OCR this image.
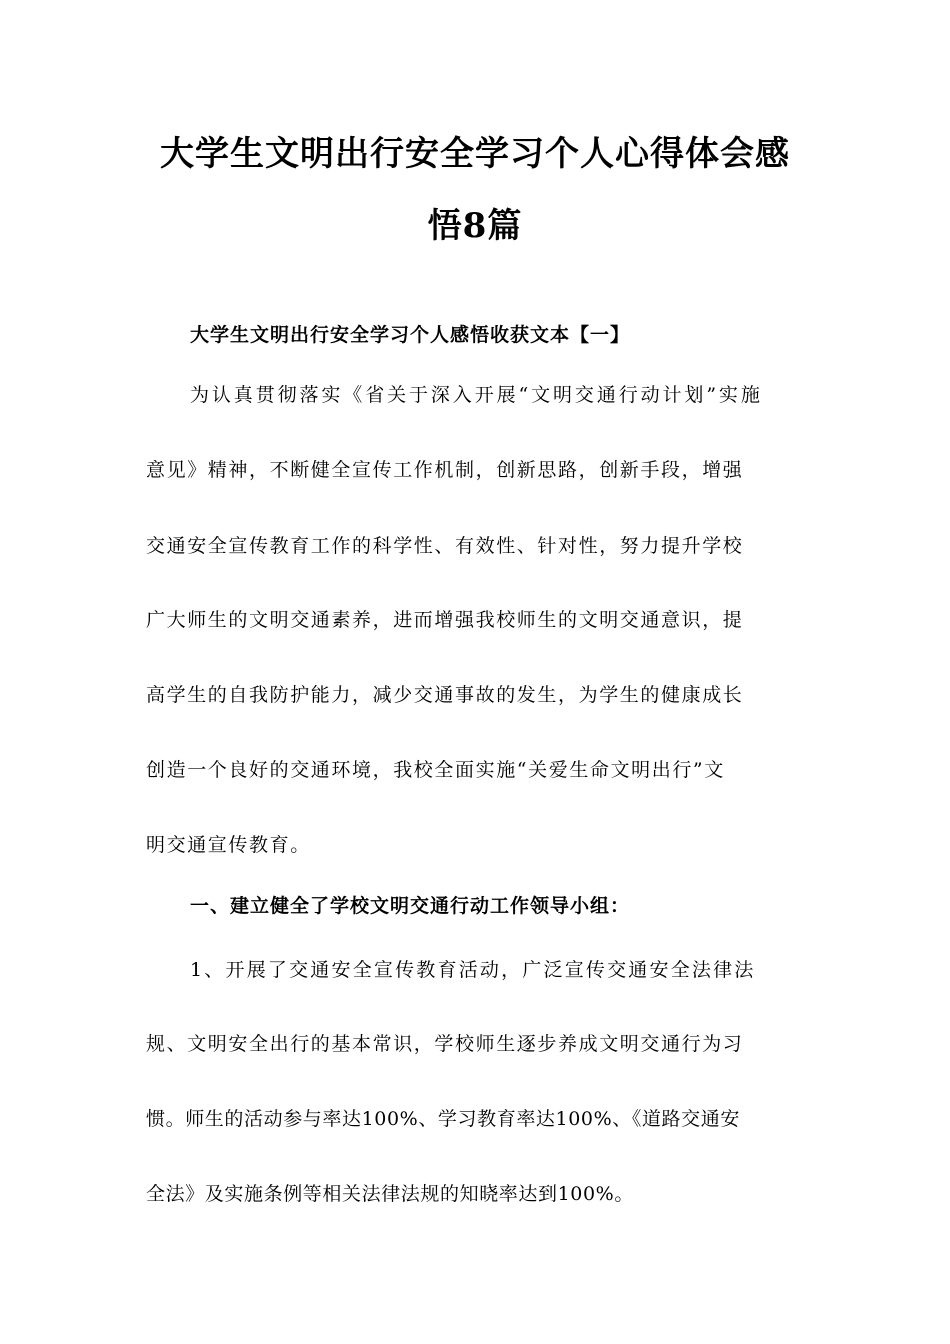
大学生文明出行安全学习个人心得体会感
悟8篇
大学生文明出行安全学习个人感悟收获文本【一】
为认真贯彻落实《省关于深入开展“文明交通行动计划”实施
意见》精神，不断健全宣传工作机制，创新思路，创新手段，增强
交通安全宣传教育工作的科学性、有效性、针对性，努力提升学校
广大师生的文明交通素养，进而增强我校师生的文明交通意识，提
高学生的自我防护能力，减少交通事故的发生，为学生的健康成长
创造一个良好的交通环境，我校全面实施“关爱生命文明出行”文
明交通宣传教育。
一、建立健全了学校文明交通行动工作领导小组：
1、开展了交通安全宣传教育活动，广泛宣传交通安全法律法
规、文明安全出行的基本常识，学校师生逐步养成文明交通行为习
惯。师生的活动参与率达100%、学习教育率达100%、《道路交通安
全法》及实施条例等相关法律法规的知晓率达到100%。
